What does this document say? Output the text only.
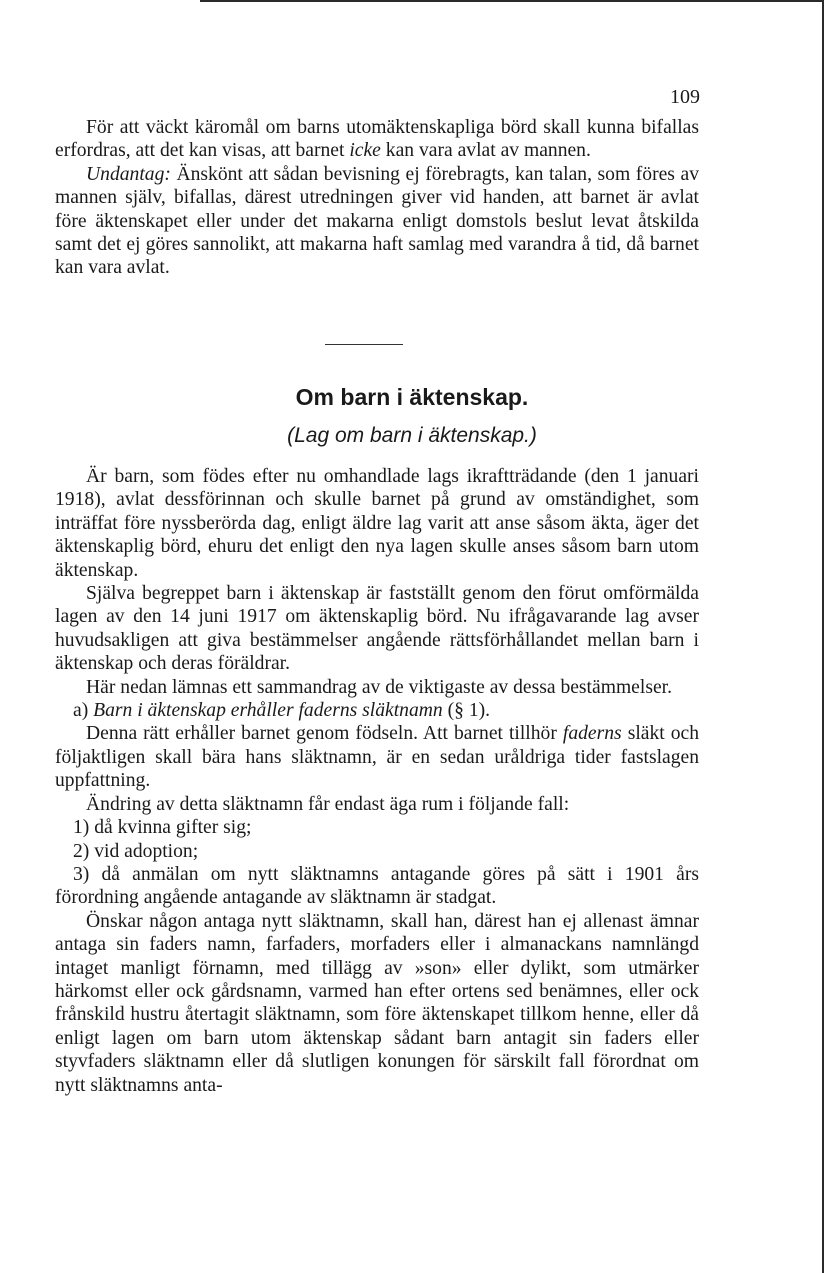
109

För att väckt käromål om barns utomäktenskapliga börd skall kunna bifallas erfordras, att det kan visas, att barnet icke kan vara avlat av mannen.

Undantag: Änskönt att sådan bevisning ej förebragts, kan talan, som föres av mannen själv, bifallas, därest utredningen giver vid handen, att barnet är avlat före äktenskapet eller under det makarna enligt domstols beslut levat åtskilda samt det ej göres sannolikt, att makarna haft samlag med varandra å tid, då barnet kan vara avlat.

Om barn i äktenskap.
(Lag om barn i äktenskap.)

Är barn, som födes efter nu omhandlade lags ikraftträdande (den 1 januari 1918), avlat dessförinnan och skulle barnet på grund av omständighet, som inträffat före nyssberörda dag, enligt äldre lag varit att anse såsom äkta, äger det äktenskaplig börd, ehuru det enligt den nya lagen skulle anses såsom barn utom äktenskap.

Själva begreppet barn i äktenskap är fastställt genom den förut omförmälda lagen av den 14 juni 1917 om äktenskaplig börd. Nu ifrågavarande lag avser huvudsakligen att giva bestämmelser angående rättsförhållandet mellan barn i äktenskap och deras föräldrar.

Här nedan lämnas ett sammandrag av de viktigaste av dessa bestämmelser.

a) Barn i äktenskap erhåller faderns släktnamn (§ 1).

Denna rätt erhåller barnet genom födseln. Att barnet tillhör faderns släkt och följaktligen skall bära hans släktnamn, är en sedan uråldriga tider fastslagen uppfattning.

Ändring av detta släktnamn får endast äga rum i följande fall:

1) då kvinna gifter sig;

2) vid adoption;

3) då anmälan om nytt släktnamns antagande göres på sätt i 1901 års förordning angående antagande av släktnamn är stadgat.

Önskar någon antaga nytt släktnamn, skall han, därest han ej allenast ämnar antaga sin faders namn, farfaders, morfaders eller i almanackans namnlängd intaget manligt förnamn, med tillägg av »son» eller dylikt, som utmärker härkomst eller ock gårdsnamn, varmed han efter ortens sed benämnes, eller ock frånskild hustru återtagit släktnamn, som före äktenskapet tillkom henne, eller då enligt lagen om barn utom äktenskap sådant barn antagit sin faders eller styvfaders släktnamn eller då slutligen konungen för särskilt fall förordnat om nytt släktnamns anta-
